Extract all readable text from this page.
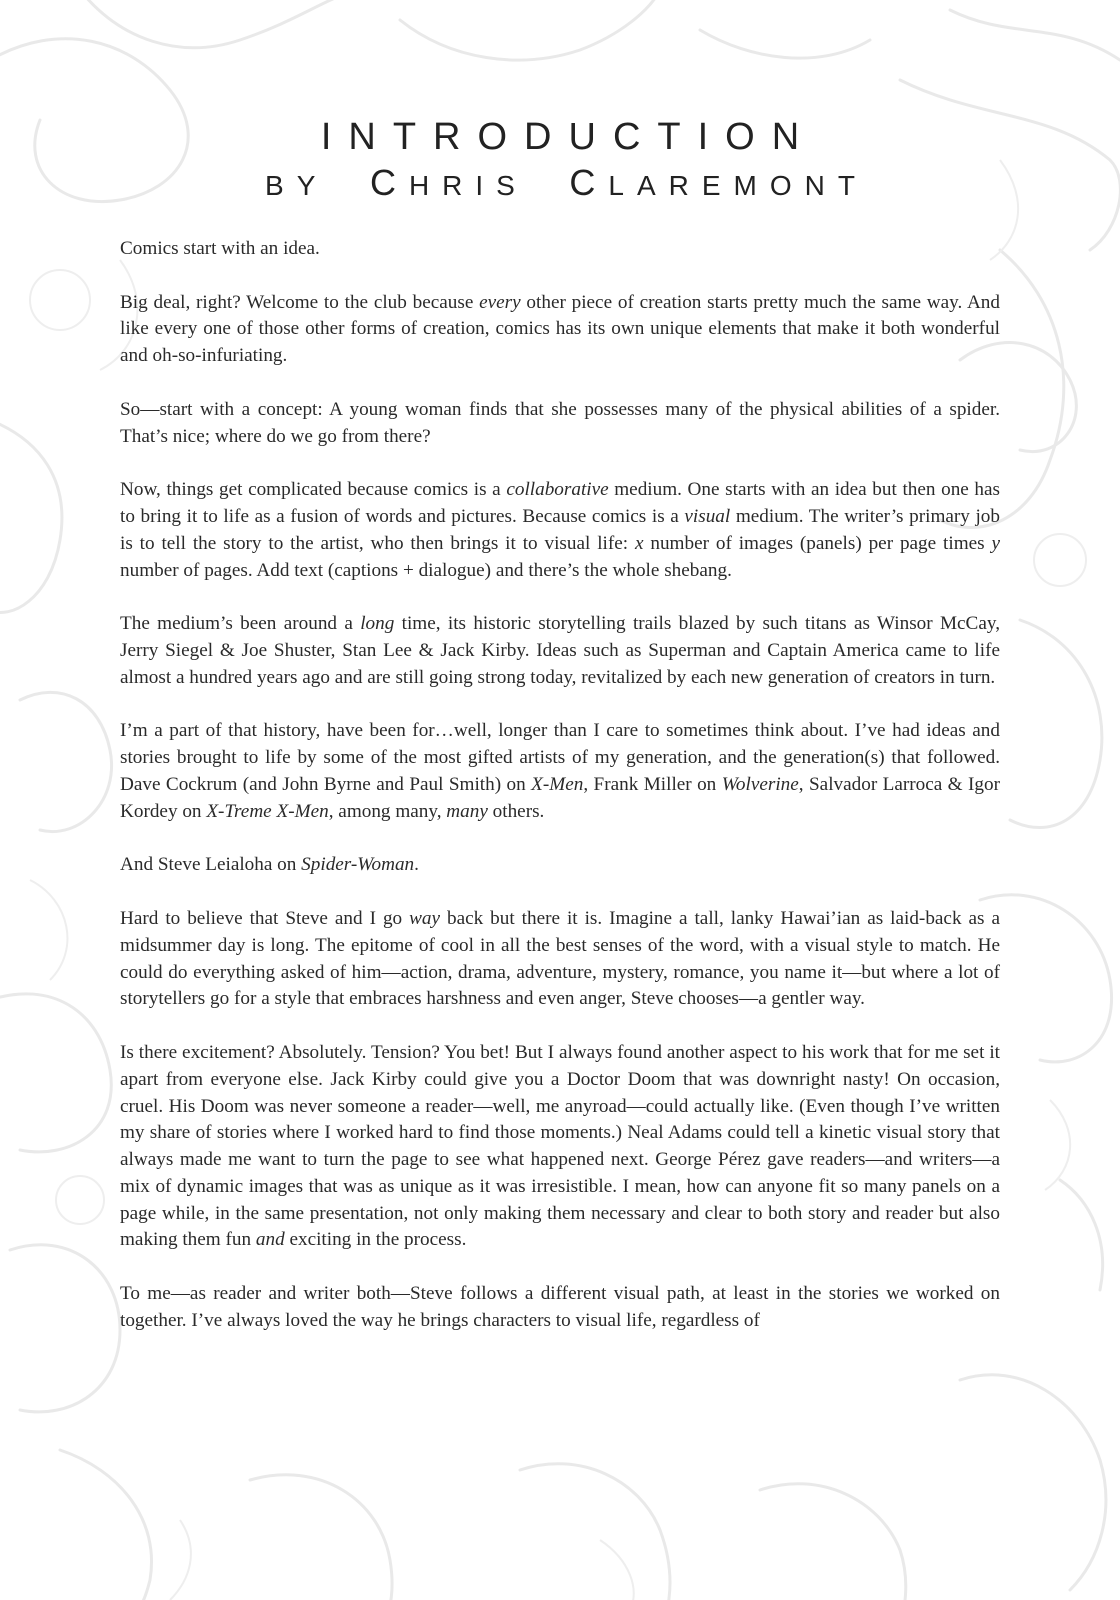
INTRODUCTION
BY CHRIS CLAREMONT

Comics start with an idea.

Big deal, right? Welcome to the club because every other piece of creation starts pretty much the same way. And like every one of those other forms of creation, comics has its own unique elements that make it both wonderful and oh-so-infuriating.

So—start with a concept: A young woman finds that she possesses many of the physical abilities of a spider. That’s nice; where do we go from there?

Now, things get complicated because comics is a collaborative medium. One starts with an idea but then one has to bring it to life as a fusion of words and pictures. Because comics is a visual medium. The writer’s primary job is to tell the story to the artist, who then brings it to visual life: x number of images (panels) per page times y number of pages. Add text (captions + dialogue) and there’s the whole shebang.

The medium’s been around a long time, its historic storytelling trails blazed by such titans as Winsor McCay, Jerry Siegel & Joe Shuster, Stan Lee & Jack Kirby. Ideas such as Superman and Captain America came to life almost a hundred years ago and are still going strong today, revitalized by each new generation of creators in turn.

I’m a part of that history, have been for…well, longer than I care to sometimes think about. I’ve had ideas and stories brought to life by some of the most gifted artists of my generation, and the generation(s) that followed. Dave Cockrum (and John Byrne and Paul Smith) on X-Men, Frank Miller on Wolverine, Salvador Larroca & Igor Kordey on X-Treme X-Men, among many, many others.

And Steve Leialoha on Spider-Woman.

Hard to believe that Steve and I go way back but there it is. Imagine a tall, lanky Hawai’ian as laid-back as a midsummer day is long. The epitome of cool in all the best senses of the word, with a visual style to match. He could do everything asked of him—action, drama, adventure, mystery, romance, you name it—but where a lot of storytellers go for a style that embraces harshness and even anger, Steve chooses—a gentler way.

Is there excitement? Absolutely. Tension? You bet! But I always found another aspect to his work that for me set it apart from everyone else. Jack Kirby could give you a Doctor Doom that was downright nasty! On occasion, cruel. His Doom was never someone a reader—well, me anyroad—could actually like. (Even though I’ve written my share of stories where I worked hard to find those moments.) Neal Adams could tell a kinetic visual story that always made me want to turn the page to see what happened next. George Pérez gave readers—and writers—a mix of dynamic images that was as unique as it was irresistible. I mean, how can anyone fit so many panels on a page while, in the same presentation, not only making them necessary and clear to both story and reader but also making them fun and exciting in the process.

To me—as reader and writer both—Steve follows a different visual path, at least in the stories we worked on together. I’ve always loved the way he brings characters to visual life, regardless of
